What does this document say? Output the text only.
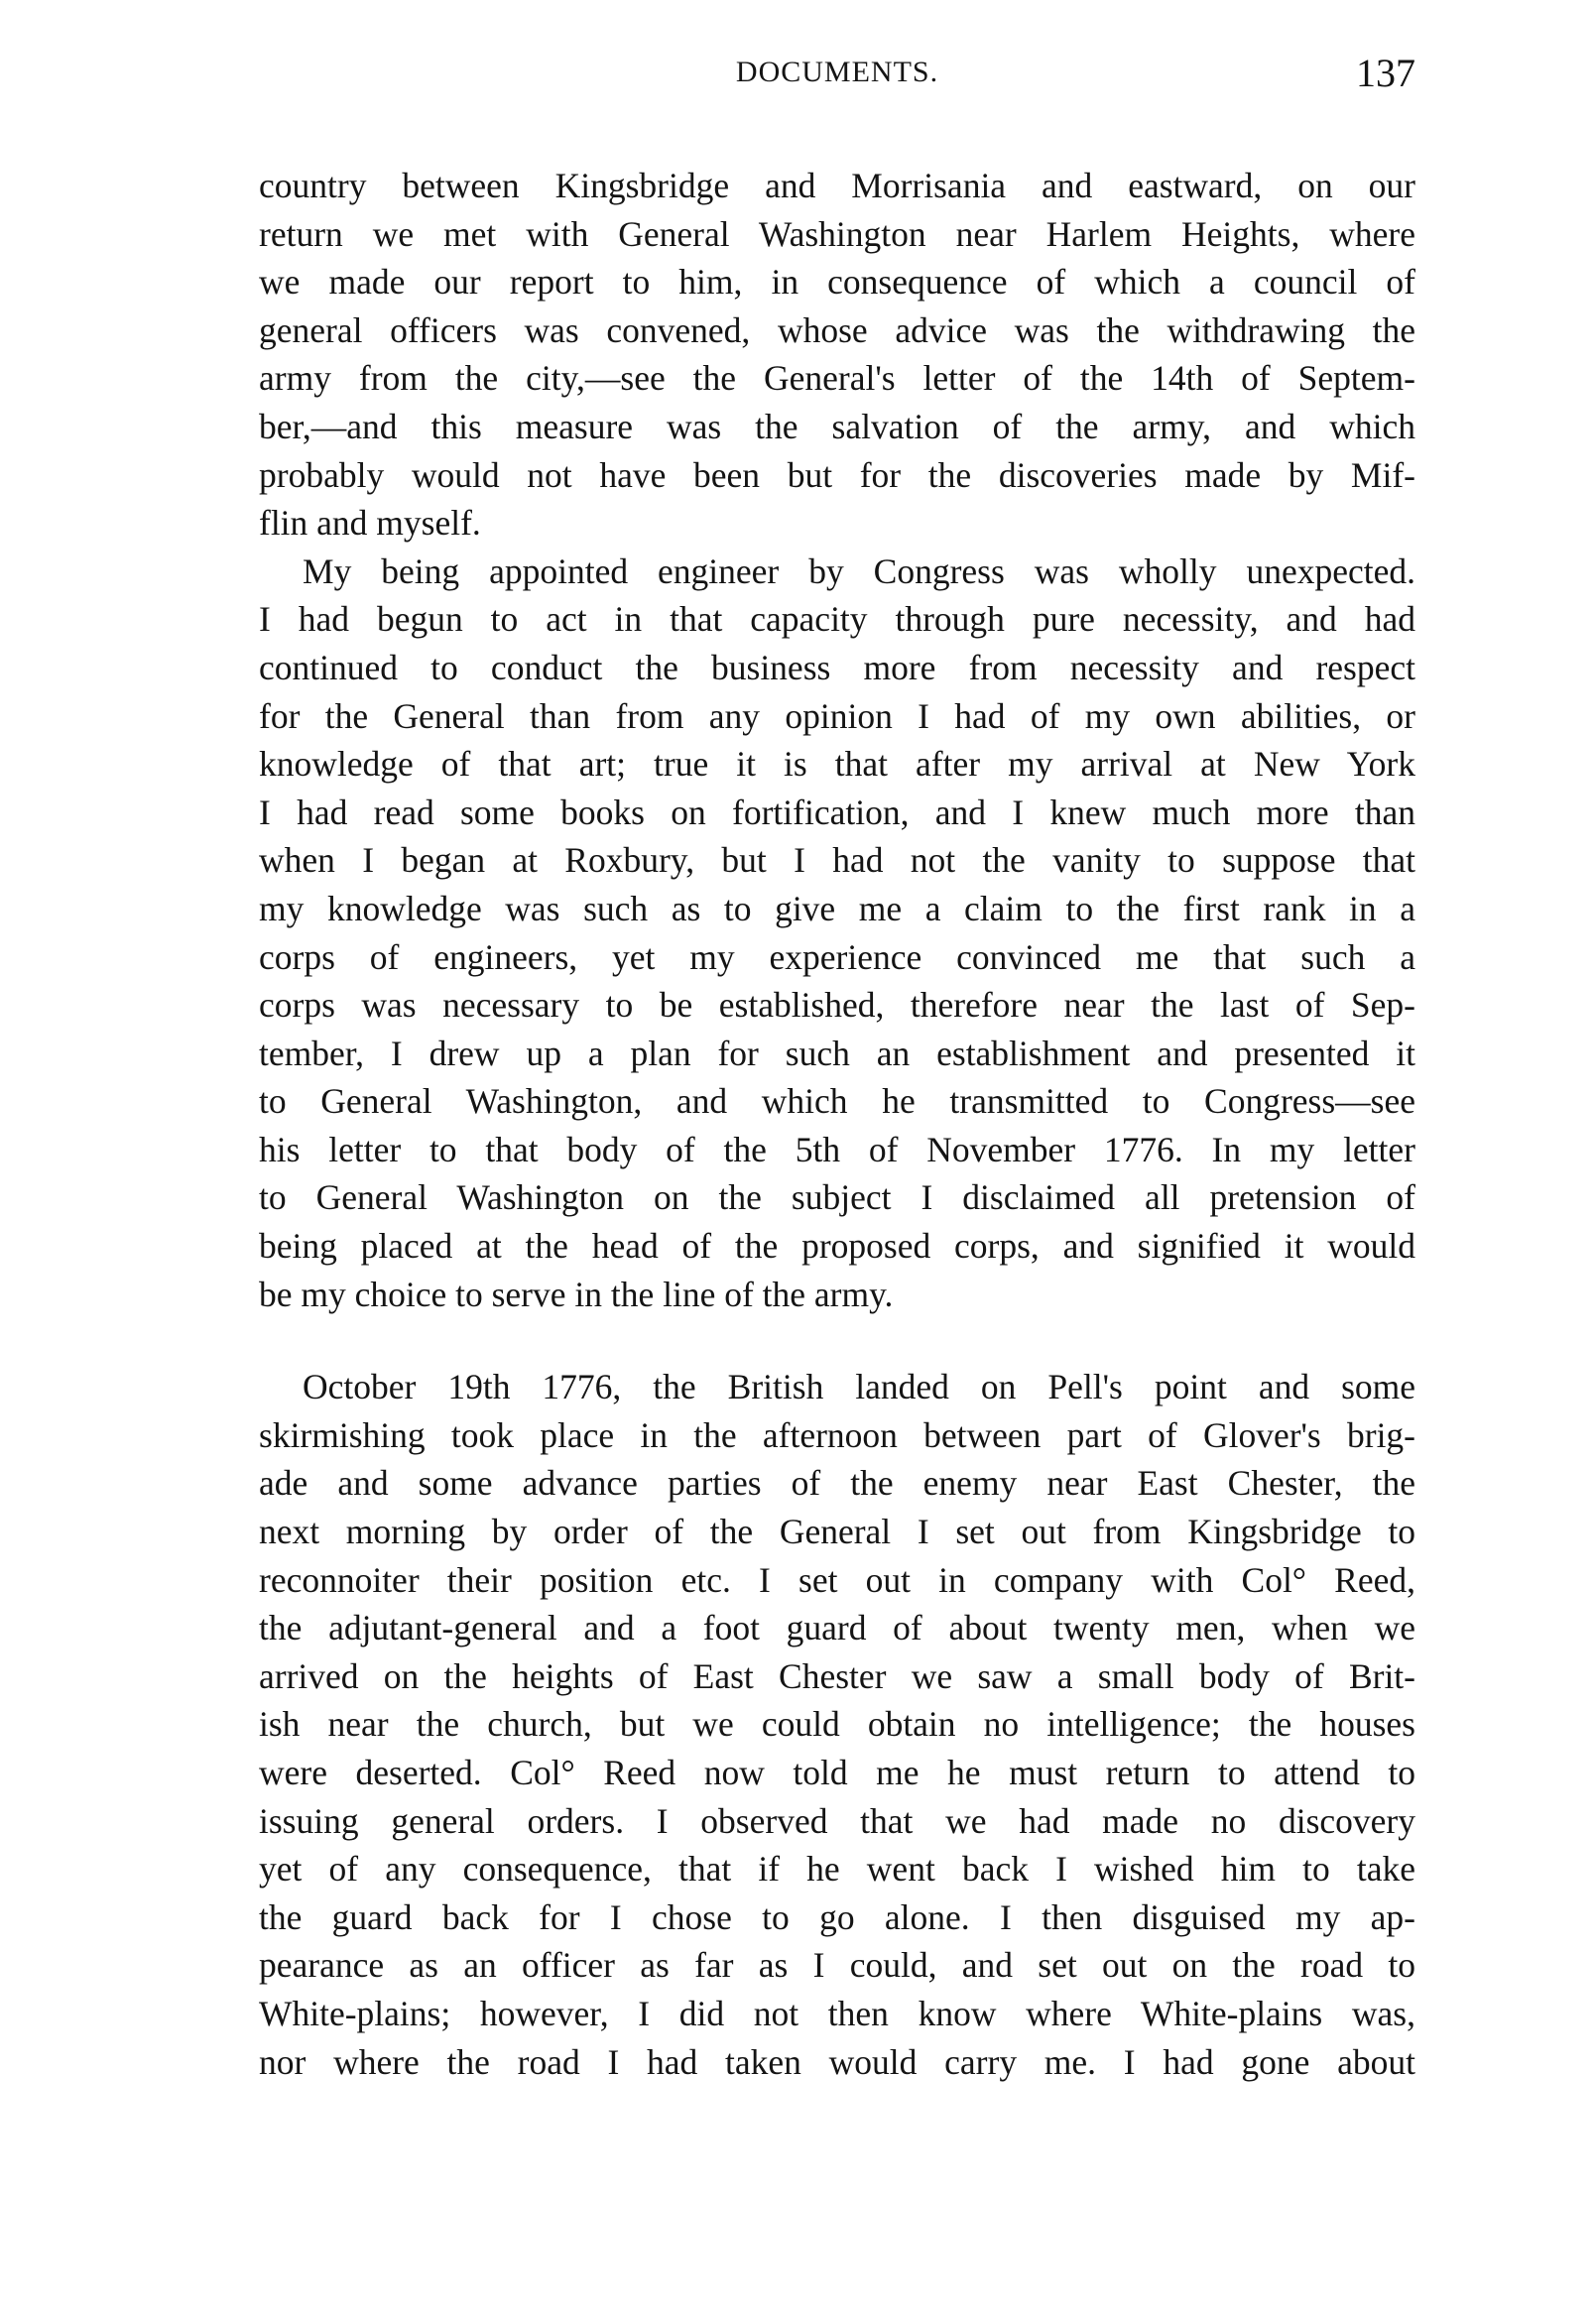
DOCUMENTS.	137
country between Kingsbridge and Morrisania and eastward, on our
return we met with General Washington near Harlem Heights, where
we made our report to him, in consequence of which a council of
general officers was convened, whose advice was the withdrawing the
army from the city,—see the General's letter of the 14th of Septem-
ber,—and this measure was the salvation of the army, and which
probably would not have been but for the discoveries made by Mif-
flin and myself.
My being appointed engineer by Congress was wholly unexpected.
I had begun to act in that capacity through pure necessity, and had
continued to conduct the business more from necessity and respect
for the General than from any opinion I had of my own abilities, or
knowledge of that art; true it is that after my arrival at New York
I had read some books on fortification, and I knew much more than
when I began at Roxbury, but I had not the vanity to suppose that
my knowledge was such as to give me a claim to the first rank in a
corps of engineers, yet my experience convinced me that such a
corps was necessary to be established, therefore near the last of Sep-
tember, I drew up a plan for such an establishment and presented it
to General Washington, and which he transmitted to Congress—see
his letter to that body of the 5th of November 1776. In my letter
to General Washington on the subject I disclaimed all pretension of
being placed at the head of the proposed corps, and signified it would
be my choice to serve in the line of the army.
October 19th 1776, the British landed on Pell's point and some
skirmishing took place in the afternoon between part of Glover's brig-
ade and some advance parties of the enemy near East Chester, the
next morning by order of the General I set out from Kingsbridge to
reconnoiter their position etc. I set out in company with Col° Reed,
the adjutant-general and a foot guard of about twenty men, when we
arrived on the heights of East Chester we saw a small body of Brit-
ish near the church, but we could obtain no intelligence; the houses
were deserted. Col° Reed now told me he must return to attend to
issuing general orders. I observed that we had made no discovery
yet of any consequence, that if he went back I wished him to take
the guard back for I chose to go alone. I then disguised my ap-
pearance as an officer as far as I could, and set out on the road to
White-plains; however, I did not then know where White-plains was,
nor where the road I had taken would carry me. I had gone about
